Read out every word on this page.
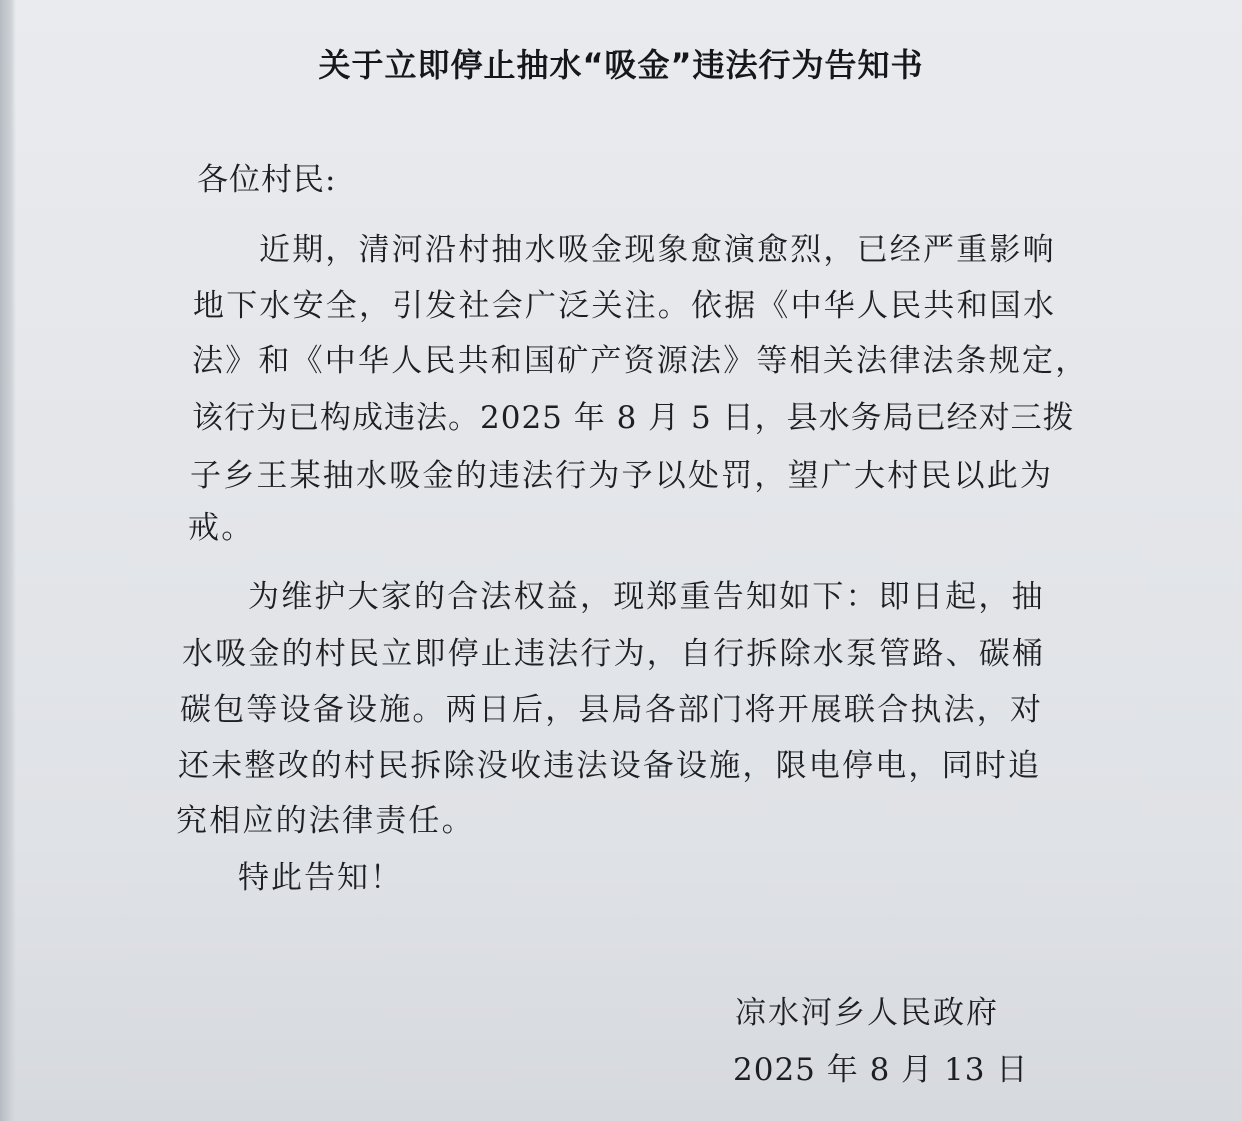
关于立即停止抽水“吸金”违法行为告知书
各位村民:
近期，清河沿村抽水吸金现象愈演愈烈，已经严重影响
地下水安全，引发社会广泛关注。依据《中华人民共和国水
法》和《中华人民共和国矿产资源法》等相关法律法条规定，
该行为已构成违法。2025 年 8 月 5 日，县水务局已经对三拨
子乡王某抽水吸金的违法行为予以处罚，望广大村民以此为
戒。
为维护大家的合法权益，现郑重告知如下：即日起，抽
水吸金的村民立即停止违法行为，自行拆除水泵管路、碳桶
碳包等设备设施。两日后，县局各部门将开展联合执法，对
还未整改的村民拆除没收违法设备设施，限电停电，同时追
究相应的法律责任。
特此告知！
凉水河乡人民政府
2025 年 8 月 13 日
